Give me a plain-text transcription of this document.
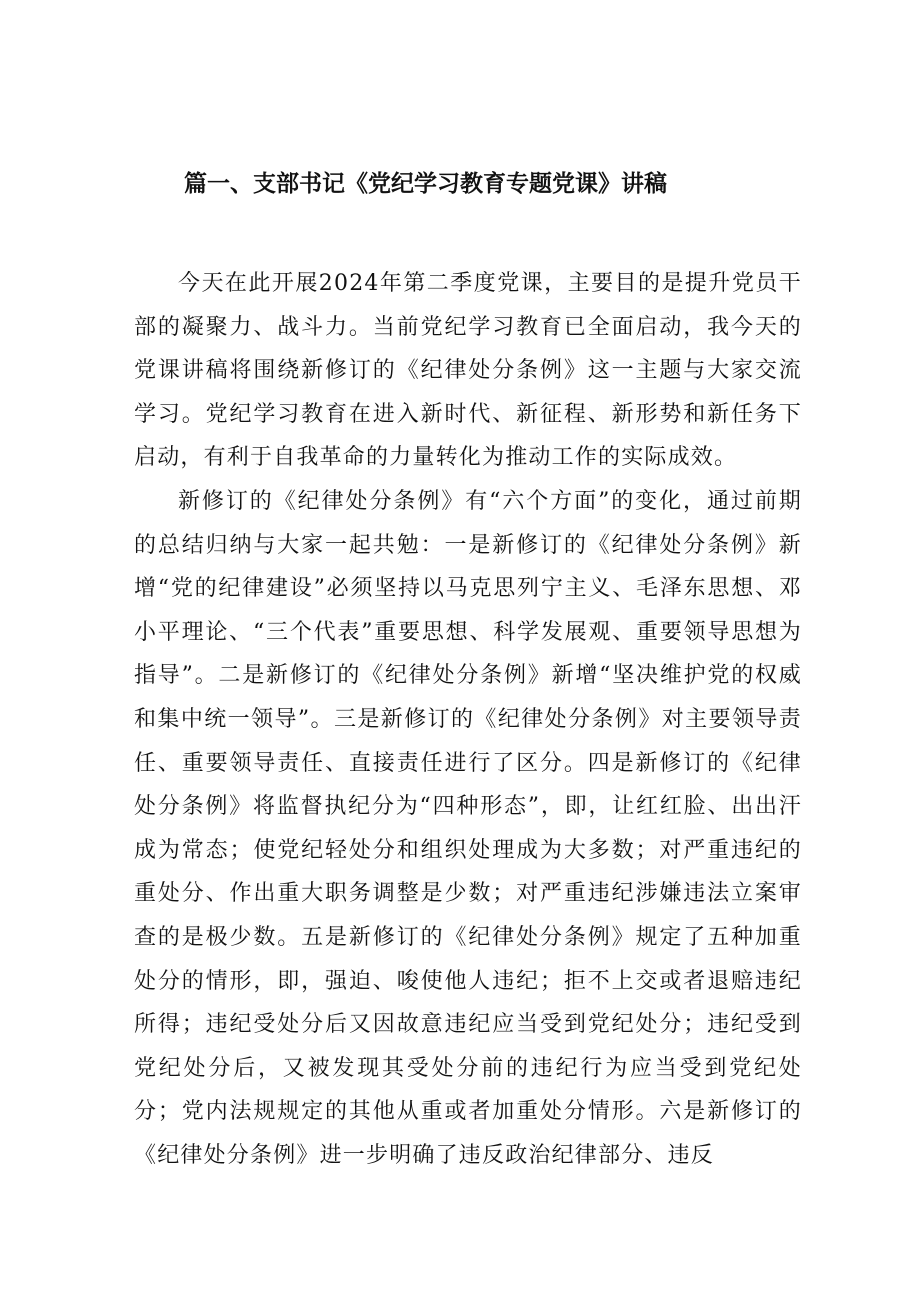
篇一、支部书记《党纪学习教育专题党课》讲稿

今天在此开展2024年第二季度党课，主要目的是提升党员干部的凝聚力、战斗力。当前党纪学习教育已全面启动，我今天的党课讲稿将围绕新修订的《纪律处分条例》这一主题与大家交流学习。党纪学习教育在进入新时代、新征程、新形势和新任务下启动，有利于自我革命的力量转化为推动工作的实际成效。

新修订的《纪律处分条例》有“六个方面”的变化，通过前期的总结归纳与大家一起共勉：一是新修订的《纪律处分条例》新增“党的纪律建设”必须坚持以马克思列宁主义、毛泽东思想、邓小平理论、“三个代表”重要思想、科学发展观、重要领导思想为指导”。二是新修订的《纪律处分条例》新增“坚决维护党的权威和集中统一领导”。三是新修订的《纪律处分条例》对主要领导责任、重要领导责任、直接责任进行了区分。四是新修订的《纪律处分条例》将监督执纪分为“四种形态”，即，让红红脸、出出汗成为常态；使党纪轻处分和组织处理成为大多数；对严重违纪的重处分、作出重大职务调整是少数；对严重违纪涉嫌违法立案审查的是极少数。五是新修订的《纪律处分条例》规定了五种加重处分的情形，即，强迫、唆使他人违纪；拒不上交或者退赔违纪所得；违纪受处分后又因故意违纪应当受到党纪处分；违纪受到党纪处分后，又被发现其受处分前的违纪行为应当受到党纪处分；党内法规规定的其他从重或者加重处分情形。六是新修订的《纪律处分条例》进一步明确了违反政治纪律部分、违反
